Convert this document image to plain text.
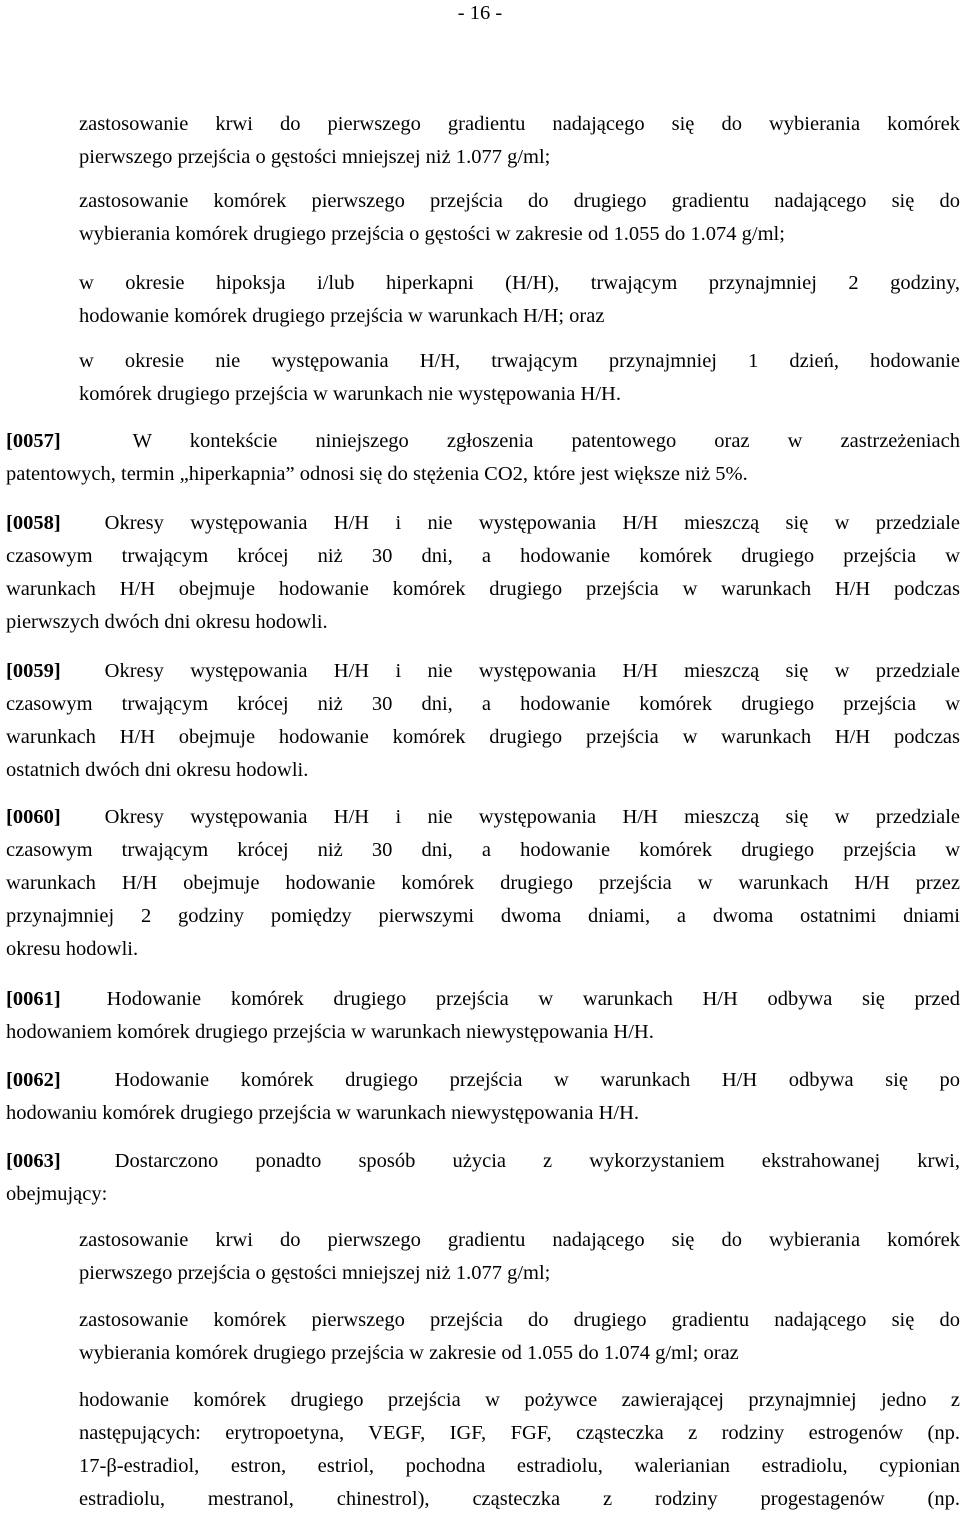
- 16 -
zastosowanie krwi do pierwszego gradientu nadającego się do wybierania komórek
pierwszego przejścia o gęstości mniejszej niż 1.077 g/ml;
zastosowanie komórek pierwszego przejścia do drugiego gradientu nadającego się do
wybierania komórek drugiego przejścia o gęstości w zakresie od 1.055 do 1.074 g/ml;
w okresie hipoksja i/lub hiperkapni (H/H), trwającym przynajmniej 2 godziny,
hodowanie komórek drugiego przejścia w warunkach H/H; oraz
w okresie nie występowania H/H, trwającym przynajmniej 1 dzień, hodowanie
komórek drugiego przejścia w warunkach nie występowania H/H.
[0057]	W kontekście niniejszego zgłoszenia patentowego oraz w zastrzeżeniach
patentowych, termin „hiperkapnia” odnosi się do stężenia CO2, które jest większe niż 5%.
[0058] Okresy występowania H/H i nie występowania H/H mieszczą się w przedziale
czasowym trwającym krócej niż 30 dni, a hodowanie komórek drugiego przejścia w
warunkach H/H obejmuje hodowanie komórek drugiego przejścia w warunkach H/H podczas
pierwszych dwóch dni okresu hodowli.
[0059] Okresy występowania H/H i nie występowania H/H mieszczą się w przedziale
czasowym trwającym krócej niż 30 dni, a hodowanie komórek drugiego przejścia w
warunkach H/H obejmuje hodowanie komórek drugiego przejścia w warunkach H/H podczas
ostatnich dwóch dni okresu hodowli.
[0060] Okresy występowania H/H i nie występowania H/H mieszczą się w przedziale
czasowym trwającym krócej niż 30 dni, a hodowanie komórek drugiego przejścia w
warunkach H/H obejmuje hodowanie komórek drugiego przejścia w warunkach H/H przez
przynajmniej 2 godziny pomiędzy pierwszymi dwoma dniami, a dwoma ostatnimi dniami
okresu hodowli.
[0061] Hodowanie komórek drugiego przejścia w warunkach H/H odbywa się przed
hodowaniem komórek drugiego przejścia w warunkach niewystępowania H/H.
[0062]	Hodowanie komórek drugiego przejścia w warunkach H/H odbywa się po
hodowaniu komórek drugiego przejścia w warunkach niewystępowania H/H.
[0063]	Dostarczono ponadto sposób użycia z wykorzystaniem ekstrahowanej krwi,
obejmujący:
zastosowanie krwi do pierwszego gradientu nadającego się do wybierania komórek
pierwszego przejścia o gęstości mniejszej niż 1.077 g/ml;
zastosowanie komórek pierwszego przejścia do drugiego gradientu nadającego się do
wybierania komórek drugiego przejścia w zakresie od 1.055 do 1.074 g/ml; oraz
hodowanie komórek drugiego przejścia w pożywce zawierającej przynajmniej jedno z
następujących: erytropoetyna, VEGF, IGF, FGF, cząsteczka z rodziny estrogenów (np.
17-β-estradiol, estron, estriol, pochodna estradiolu, walerianian estradiolu, cypionian
estradiolu, mestranol, chinestrol), cząsteczka z rodziny progestagenów (np.
